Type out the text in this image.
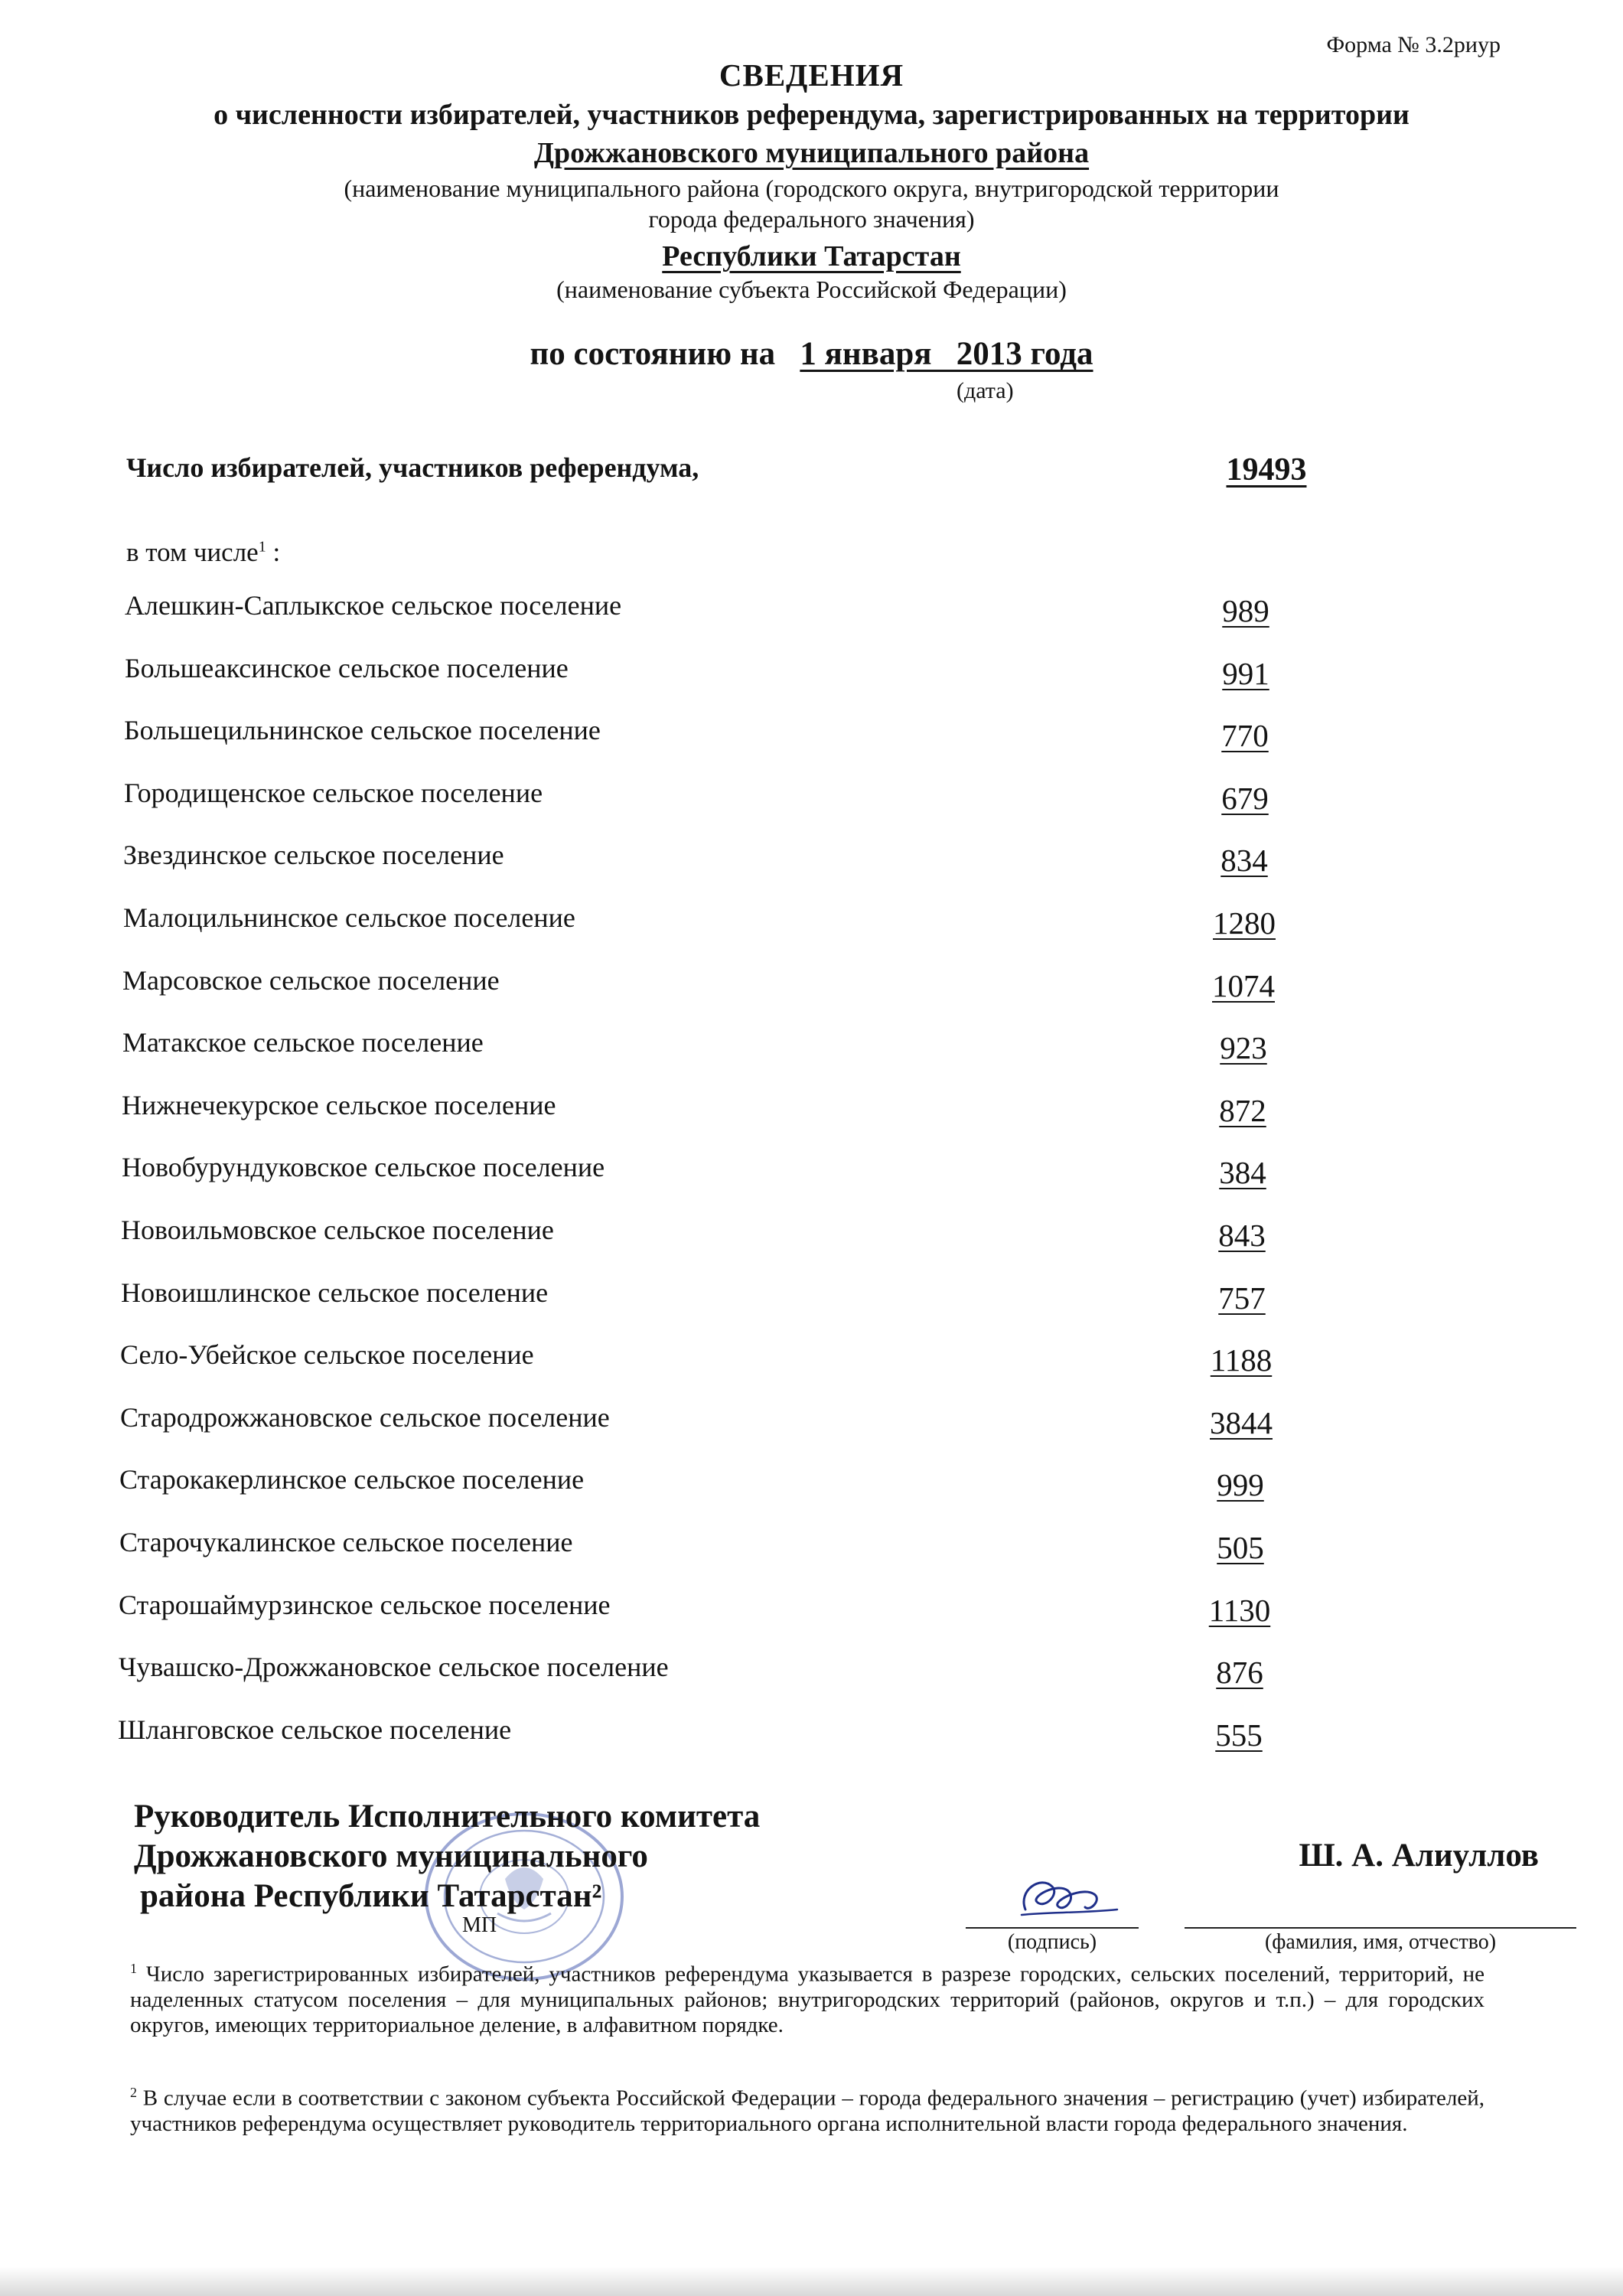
Форма № 3.2риур
СВЕДЕНИЯ
о численности избирателей, участников референдума, зарегистрированных на территории
Дрожжановского муниципального района
(наименование муниципального района (городского округа, внутригородской территории
города федерального значения)
Республики Татарстан
(наименование субъекта Российской Федерации)
по состоянию на 1 января   2013 года
(дата)
Число избирателей, участников референдума,	19493
в том числе$^1$ :
Алешкин-Саплыкское сельское поселение	989
Большеаксинское сельское поселение	991
Большецильнинское сельское поселение	770
Городищенское сельское поселение	679
Звездинское сельское поселение	834
Малоцильнинское сельское поселение	1280
Марсовское сельское поселение	1074
Матакское сельское поселение	923
Нижнечекурское сельское поселение	872
Новобурундуковское сельское поселение	384
Новоильмовское сельское поселение	843
Новоишлинское сельское поселение	757
Село-Убейское сельское поселение	1188
Стародрожжановское сельское поселение	3844
Старокакерлинское сельское поселение	999
Старочукалинское сельское поселение	505
Старошаймурзинское сельское поселение	1130
Чувашско-Дрожжановское сельское поселение	876
Шланговское сельское поселение	555
Руководитель Исполнительного комитета
Дрожжановского муниципального
района Республики Татарстан²
Ш. А. Алиуллов
МП
(подпись)	(фамилия, имя, отчество)
$^1$ Число зарегистрированных избирателей, участников референдума указывается в разрезе городских, сельских поселений, территорий, не наделенных статусом поселения – для муниципальных районов; внутригородских территорий (районов, округов и т.п.) – для городских округов, имеющих территориальное деление, в алфавитном порядке.
$^2$ В случае если в соответствии с законом субъекта Российской Федерации – города федерального значения – регистрацию (учет) избирателей, участников референдума осуществляет руководитель территориального органа исполнительной власти города федерального значения.
